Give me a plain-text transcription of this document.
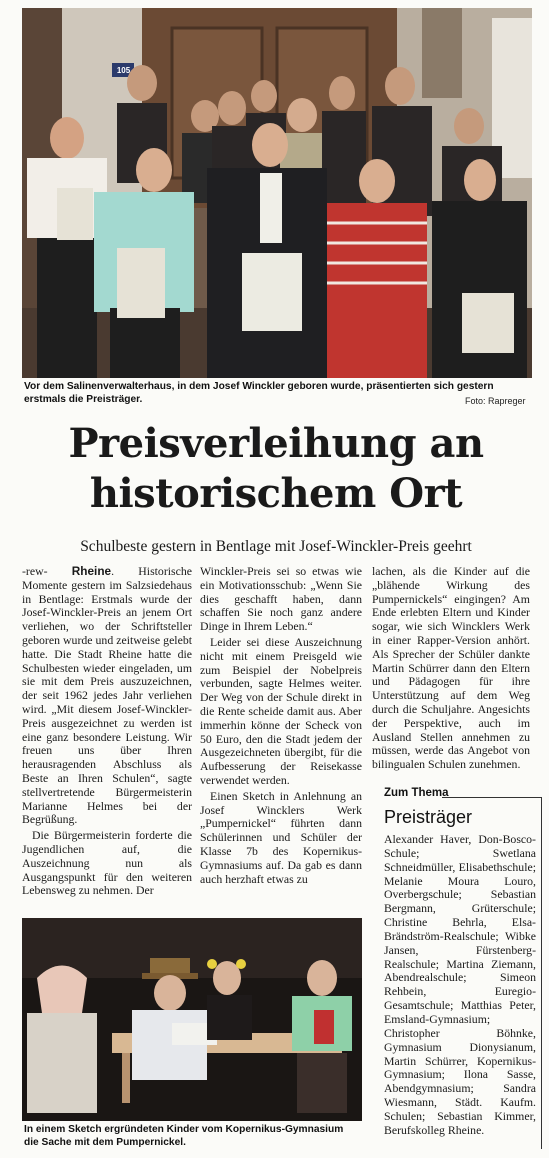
105
Vor dem Salinenverwalterhaus, in dem Josef Winckler geboren wurde, präsentierten sich gestern erstmals die Preisträger.	Foto: Rapreger
Preisverleihung an
historischem Ort
Schulbeste gestern in Bentlage mit Josef-Winckler-Preis geehrt

-rew- Rheine. Historische Momente gestern im Salzsiedehaus in Bentlage: Erstmals wurde der Josef-Winckler-Preis an jenem Ort verliehen, wo der Schriftsteller geboren wurde und zeitweise gelebt hatte. Die Stadt Rheine hatte die Schulbesten wieder eingeladen, um sie mit dem Preis auszuzeichnen, der seit 1962 jedes Jahr verliehen wird. „Mit diesem Josef-Winckler-Preis ausgezeichnet zu werden ist eine ganz besondere Leistung. Wir freuen uns über Ihren herausragenden Abschluss als Beste an Ihren Schulen“, sagte stellvertretende Bürgermeisterin Marianne Helmes bei der Begrüßung.

Die Bürgermeisterin forderte die Jugendlichen auf, die Auszeichnung nun als Ausgangspunkt für den weiteren Lebensweg zu nehmen. Der

Winckler-Preis sei so etwas wie ein Motivationsschub: „Wenn Sie dies geschafft haben, dann schaffen Sie noch ganz andere Dinge in Ihrem Leben.“

Leider sei diese Auszeichnung nicht mit einem Preisgeld wie zum Beispiel der Nobelpreis verbunden, sagte Helmes weiter. Der Weg von der Schule direkt in die Rente scheide damit aus. Aber immerhin könne der Scheck von 50 Euro, den die Stadt jedem der Ausgezeichneten übergibt, für die Aufbesserung der Reisekasse verwendet werden.

Einen Sketch in Anlehnung an Josef Wincklers Werk „Pumpernickel“ führten dann Schülerinnen und Schüler der Klasse 7b des Kopernikus-Gymnasiums auf. Da gab es dann auch herzhaft etwas zu

lachen, als die Kinder auf die „blähende Wirkung des Pumpernickels“ eingingen? Am Ende erlebten Eltern und Kinder sogar, wie sich Wincklers Werk in einer Rapper-Version anhört. Als Sprecher der Schüler dankte Martin Schürrer dann den Eltern und Pädagogen für ihre Unterstützung auf dem Weg durch die Schuljahre. Angesichts der Perspektive, auch im Ausland Stellen annehmen zu müssen, werde das Angebot von bilingualen Schulen zunehmen.

In einem Sketch ergründeten Kinder vom Kopernikus-Gymnasium die Sache mit dem Pumpernickel.
Zum Thema
Preisträger
Alexander Haver, Don-Bosco-Schule; Swetlana Schneidmüller, Elisabethschule; Melanie Moura Louro, Overbergschule; Sebastian Bergmann, Grüterschule; Christine Behrla, Elsa-Brändström-Realschule; Wibke Jansen, Fürstenberg-Realschule; Martina Ziemann, Abendrealschule; Simeon Rehbein, Euregio-Gesamtschule; Matthias Peter, Emsland-Gymnasium; Christopher Böhnke, Gymnasium Dionysianum, Martin Schürrer, Kopernikus-Gymnasium; Ilona Sasse, Abendgymnasium; Sandra Wiesmann, Städt. Kaufm. Schulen; Sebastian Kimmer, Berufskolleg Rheine.
